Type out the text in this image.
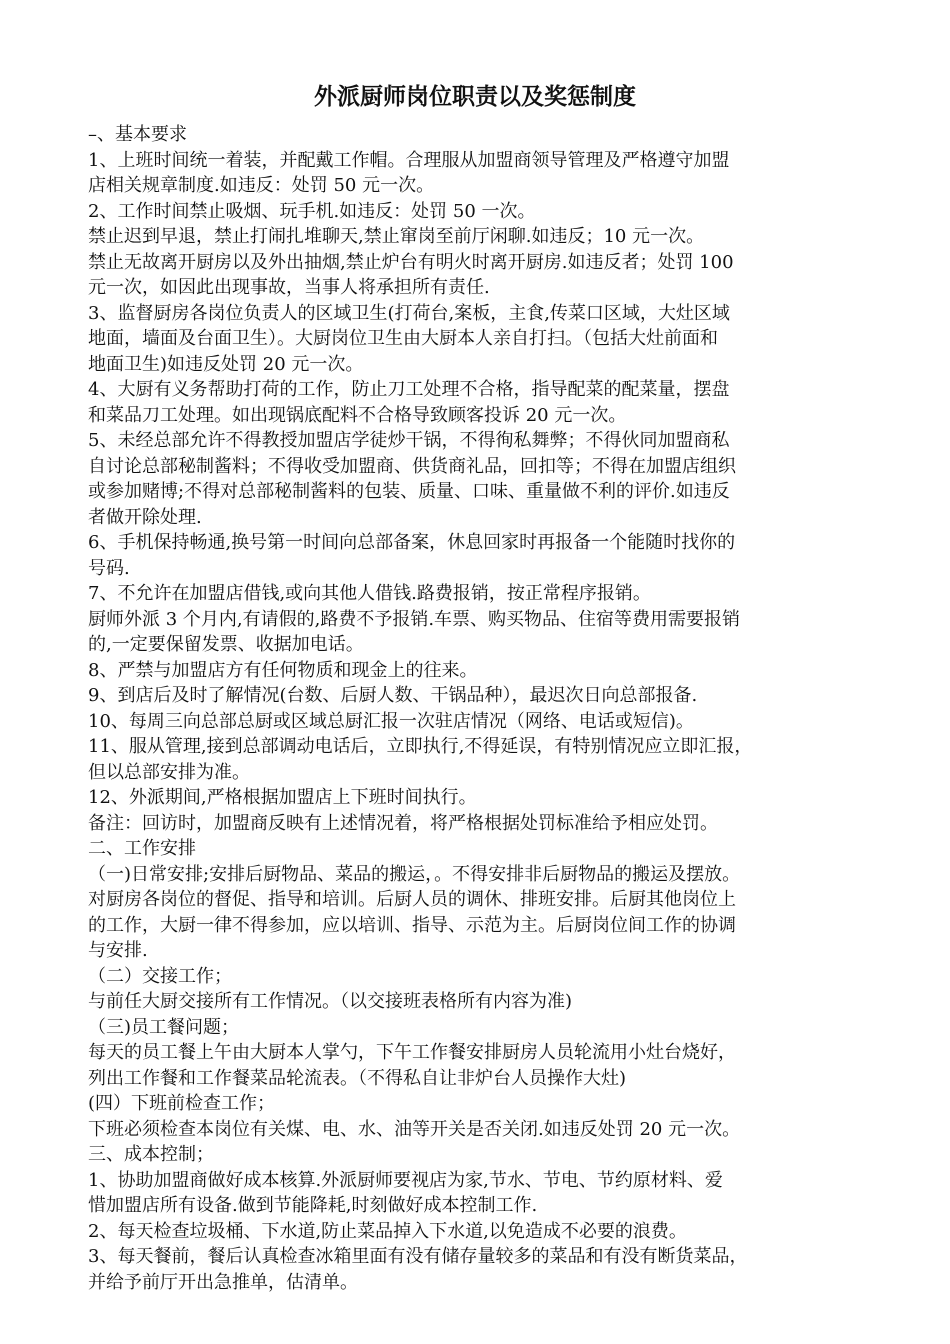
外派厨师岗位职责以及奖惩制度
–、基本要求
1、上班时间统一着装，并配戴工作帽。合理服从加盟商领导管理及严格遵守加盟
店相关规章制度.如违反：处罚 50 元一次。
2、工作时间禁止吸烟、玩手机.如违反：处罚 50 一次。
禁止迟到早退，禁止打闹扎堆聊天,禁止窜岗至前厅闲聊.如违反；10 元一次。
禁止无故离开厨房以及外出抽烟,禁止炉台有明火时离开厨房.如违反者；处罚 100
元一次，如因此出现事故，当事人将承担所有责任.
3、监督厨房各岗位负责人的区域卫生(打荷台,案板，主食,传菜口区域，大灶区域
地面，墙面及台面卫生）。大厨岗位卫生由大厨本人亲自打扫。（包括大灶前面和
地面卫生)如违反处罚 20 元一次。
4、大厨有义务帮助打荷的工作，防止刀工处理不合格，指导配菜的配菜量，摆盘
和菜品刀工处理。如出现锅底配料不合格导致顾客投诉 20 元一次。
5、未经总部允许不得教授加盟店学徒炒干锅，不得徇私舞弊；不得伙同加盟商私
自讨论总部秘制酱料；不得收受加盟商、供货商礼品，回扣等；不得在加盟店组织
或参加赌博;不得对总部秘制酱料的包装、质量、口味、重量做不利的评价.如违反
者做开除处理.
6、手机保持畅通,换号第一时间向总部备案，休息回家时再报备一个能随时找你的
号码.
7、不允许在加盟店借钱,或向其他人借钱.路费报销，按正常程序报销。
厨师外派 3 个月内,有请假的,路费不予报销.车票、购买物品、住宿等费用需要报销
的,一定要保留发票、收据加电话。
8、严禁与加盟店方有任何物质和现金上的往来。
9、到店后及时了解情况(台数、后厨人数、干锅品种），最迟次日向总部报备.
10、每周三向总部总厨或区域总厨汇报一次驻店情况（网络、电话或短信)。
11、服从管理,接到总部调动电话后，立即执行,不得延误，有特别情况应立即汇报，
但以总部安排为准。
12、外派期间,严格根据加盟店上下班时间执行。
备注：回访时，加盟商反映有上述情况着，将严格根据处罚标准给予相应处罚。
二、工作安排
（一)日常安排;安排后厨物品、菜品的搬运，。不得安排非后厨物品的搬运及摆放。
对厨房各岗位的督促、指导和培训。后厨人员的调休、排班安排。后厨其他岗位上
的工作，大厨一律不得参加，应以培训、指导、示范为主。后厨岗位间工作的协调
与安排.
（二）交接工作；
与前任大厨交接所有工作情况。（以交接班表格所有内容为准)
（三)员工餐问题；
每天的员工餐上午由大厨本人掌勺，下午工作餐安排厨房人员轮流用小灶台烧好，
列出工作餐和工作餐菜品轮流表。（不得私自让非炉台人员操作大灶)
(四）下班前检查工作；
下班必须检查本岗位有关煤、电、水、油等开关是否关闭.如违反处罚 20 元一次。
三、成本控制；
1、协助加盟商做好成本核算.外派厨师要视店为家,节水、节电、节约原材料、爱
惜加盟店所有设备.做到节能降耗,时刻做好成本控制工作.
2、每天检查垃圾桶、下水道,防止菜品掉入下水道,以免造成不必要的浪费。
3、每天餐前，餐后认真检查冰箱里面有没有储存量较多的菜品和有没有断货菜品，
并给予前厅开出急推单，估清单。
